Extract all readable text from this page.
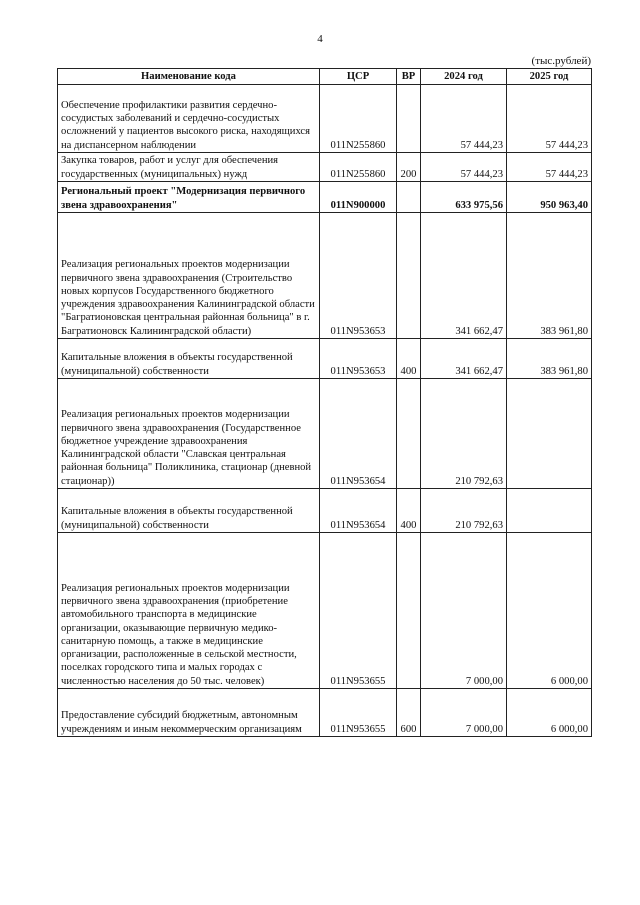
4
(тыс.рублей)
Наименование кода	ЦСР	ВР	2024 год	2025 год
Обеспечение профилактики развития сердечно-сосудистых заболеваний и сердечно-сосудистых осложнений у пациентов высокого риска, находящихся на диспансерном наблюдении	011N255860		57 444,23	57 444,23
Закупка товаров, работ и услуг для обеспечения государственных (муниципальных) нужд	011N255860	200	57 444,23	57 444,23
Региональный проект "Модернизация первичного звена здравоохранения"	011N900000		633 975,56	950 963,40
Реализация региональных проектов модернизации первичного звена здравоохранения (Строительство новых корпусов Государственного бюджетного учреждения здравоохранения Калининградской области "Багратионовская центральная районная больница" в г. Багратионовск Калининградской области)	011N953653		341 662,47	383 961,80
Капитальные вложения в объекты государственной (муниципальной) собственности	011N953653	400	341 662,47	383 961,80
Реализация региональных проектов модернизации первичного звена здравоохранения (Государственное бюджетное учреждение здравоохранения Калининградской области "Славская центральная районная больница" Поликлиника, стационар (дневной стационар))	011N953654		210 792,63	
Капитальные вложения в объекты государственной (муниципальной) собственности	011N953654	400	210 792,63	
Реализация региональных проектов модернизации первичного звена здравоохранения (приобретение автомобильного транспорта в медицинские организации, оказывающие первичную медико-санитарную помощь, а также в медицинские организации, расположенные в сельской местности, поселках городского типа и малых городах с численностью населения до 50 тыс. человек)	011N953655		7 000,00	6 000,00
Предоставление субсидий бюджетным, автономным учреждениям и иным некоммерческим организациям	011N953655	600	7 000,00	6 000,00
